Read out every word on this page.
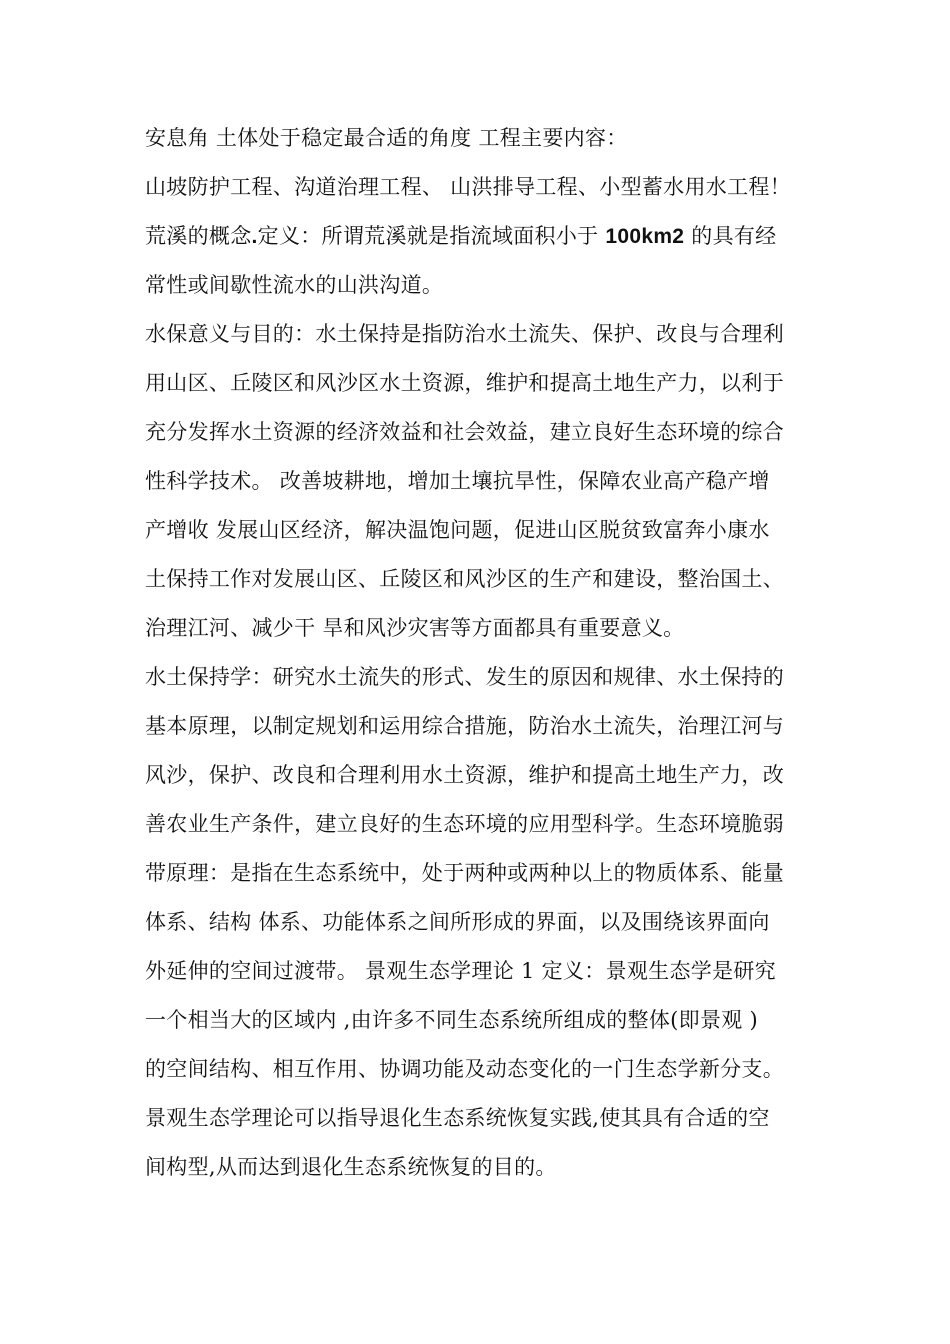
安息角 土体处于稳定最合适的角度 工程主要内容：
山坡防护工程、沟道治理工程、 山洪排导工程、小型蓄水用水工程！
荒溪的概念.定义：所谓荒溪就是指流域面积小于 100km2 的具有经
常性或间歇性流水的山洪沟道。
水保意义与目的：水土保持是指防治水土流失、保护、改良与合理利
用山区、丘陵区和风沙区水土资源，维护和提高土地生产力，以利于
充分发挥水土资源的经济效益和社会效益，建立良好生态环境的综合
性科学技术。 改善坡耕地，增加土壤抗旱性，保障农业高产稳产增
产增收 发展山区经济，解决温饱问题，促进山区脱贫致富奔小康水
土保持工作对发展山区、丘陵区和风沙区的生产和建设，整治国土、
治理江河、减少干 旱和风沙灾害等方面都具有重要意义。
水土保持学：研究水土流失的形式、发生的原因和规律、水土保持的
基本原理，以制定规划和运用综合措施，防治水土流失，治理江河与
风沙，保护、改良和合理利用水土资源，维护和提高土地生产力，改
善农业生产条件，建立良好的生态环境的应用型科学。生态环境脆弱
带原理：是指在生态系统中，处于两种或两种以上的物质体系、能量
体系、结构 体系、功能体系之间所形成的界面，以及围绕该界面向
外延伸的空间过渡带。 景观生态学理论 1 定义：景观生态学是研究
一个相当大的区域内 ,由许多不同生态系统所组成的整体(即景观 )
的空间结构、相互作用、协调功能及动态变化的一门生态学新分支。
景观生态学理论可以指导退化生态系统恢复实践,使其具有合适的空
间构型,从而达到退化生态系统恢复的目的。
